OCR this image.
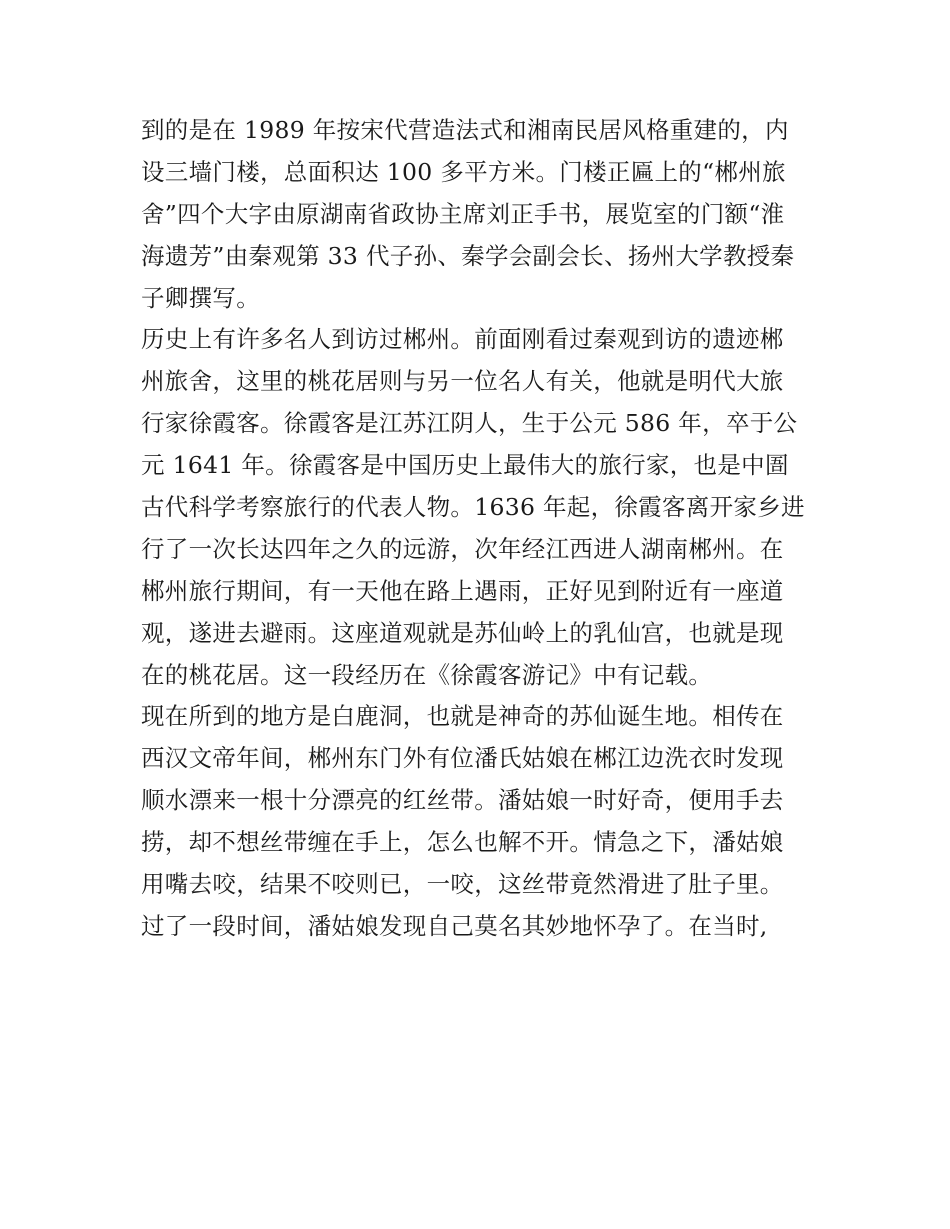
到的是在 1989 年按宋代营造法式和湘南民居风格重建的，内

设三墙门楼，总面积达 100 多平方米。门楼正匾上的“郴州旅

舍”四个大字由原湖南省政协主席刘正手书，展览室的门额“淮

海遗芳”由秦观第 33 代子孙、秦学会副会长、扬州大学教授秦

子卿撰写。

历史上有许多名人到访过郴州。前面刚看过秦观到访的遗迹郴

州旅舍，这里的桃花居则与另一位名人有关，他就是明代大旅

行家徐霞客。徐霞客是江苏江阴人，生于公元 586 年，卒于公

元 1641 年。徐霞客是中国历史上最伟大的旅行家，也是中圄

古代科学考察旅行的代表人物。1636 年起，徐霞客离开家乡进

行了一次长达四年之久的远游，次年经江西进人湖南郴州。在

郴州旅行期间，有一天他在路上遇雨，正好见到附近有一座道

观，遂进去避雨。这座道观就是苏仙岭上的乳仙宫，也就是现

在的桃花居。这一段经历在《徐霞客游记》中有记载。

现在所到的地方是白鹿洞，也就是神奇的苏仙诞生地。相传在

西汉文帝年间，郴州东门外有位潘氏姑娘在郴江边洗衣时发现

顺水漂来一根十分漂亮的红丝带。潘姑娘一时好奇，便用手去

捞，却不想丝带缠在手上，怎么也解不开。情急之下，潘姑娘

用嘴去咬，结果不咬则已，一咬，这丝带竟然滑进了肚子里。

过了一段时间，潘姑娘发现自己莫名其妙地怀孕了。在当时,
